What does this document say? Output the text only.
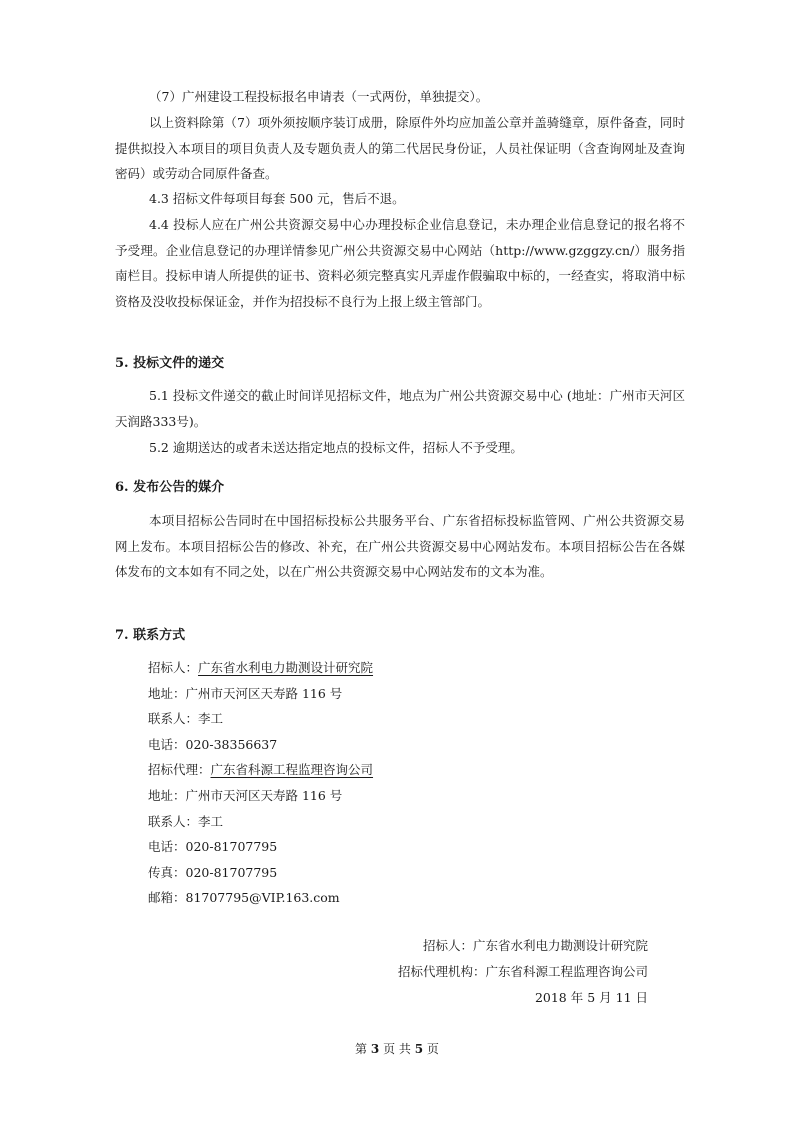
（7）广州建设工程投标报名申请表（一式两份，单独提交）。

以上资料除第（7）项外须按顺序装订成册，除原件外均应加盖公章并盖骑缝章，原件备查，同时提供拟投入本项目的项目负责人及专题负责人的第二代居民身份证，人员社保证明（含查询网址及查询密码）或劳动合同原件备查。

4.3 招标文件每项目每套 500 元，售后不退。

4.4 投标人应在广州公共资源交易中心办理投标企业信息登记，未办理企业信息登记的报名将不予受理。企业信息登记的办理详情参见广州公共资源交易中心网站（http://www.gzggzy.cn/）服务指南栏目。投标申请人所提供的证书、资料必须完整真实凡弄虚作假骗取中标的，一经查实，将取消中标资格及没收投标保证金，并作为招投标不良行为上报上级主管部门。

5. 投标文件的递交

5.1 投标文件递交的截止时间详见招标文件，地点为广州公共资源交易中心 (地址：广州市天河区天润路333号)。

5.2 逾期送达的或者未送达指定地点的投标文件，招标人不予受理。

6. 发布公告的媒介

本项目招标公告同时在中国招标投标公共服务平台、广东省招标投标监管网、广州公共资源交易网上发布。本项目招标公告的修改、补充，在广州公共资源交易中心网站发布。本项目招标公告在各媒体发布的文本如有不同之处，以在广州公共资源交易中心网站发布的文本为准。

7. 联系方式

招标人：广东省水利电力勘测设计研究院
地址：广州市天河区天寿路 116 号
联系人：李工
电话：020-38356637
招标代理：广东省科源工程监理咨询公司
地址：广州市天河区天寿路 116 号
联系人：李工
电话：020-81707795
传真：020-81707795
邮箱：81707795@VIP.163.com

招标人：广东省水利电力勘测设计研究院

招标代理机构：广东省科源工程监理咨询公司

2018 年 5 月 11 日

第 3 页 共 5 页
